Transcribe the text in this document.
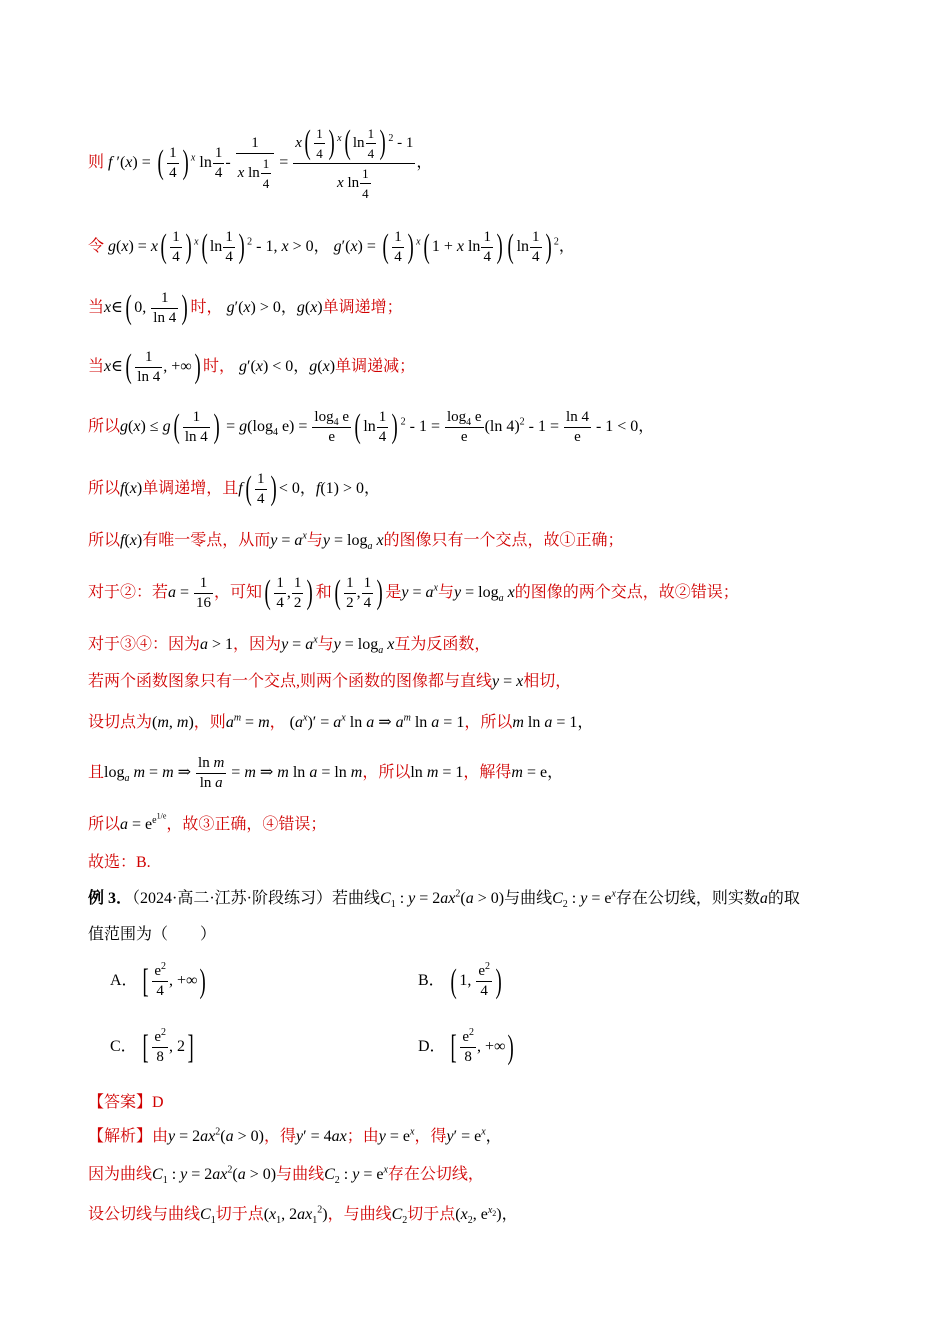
则 f ′(x) = ( $\frac{1}{4}$ ) $^x$ $\ln \frac{1}{4} - \frac{1}{x \ln \frac{1}{4}} = \frac{x( \frac{1}{4} ) ^x( \ln \frac{1}{4} ) ^2 - 1}{x \ln \frac{1}{4}}$ ，
令 $g(x) = x( \frac{1}{4}$ ) $^x$( $\ln \frac{1}{4}$ ) $^2$ - 1, x > 0， g′(x) = ( $\frac{1}{4}$ ) $^x$( 1 + x $\ln \frac{1}{4}$ ) ( $\ln \frac{1}{4}$ ) $^2$，
当x∈( 0, $\frac{1}{\ln 4}$ ) 时， g′(x) > 0，g(x)单调递增；
当x∈( $\frac{1}{\ln 4}$ , +∞) 时， g′(x) < 0，g(x)单调递减；
所以$g(x) \le g( \frac{1}{\ln 4}$ ) = $g(\log_4$ $e) = \frac{\log_4 e}{e}$ ( $\ln \frac{1}{4}$ ) $^2 - 1 = \frac{\log_4 e}{e} (\ln$ $4)^2 - 1 = \frac{\ln 4}{e} - 1 < 0$，
所以f(x)单调递增，且$f( \frac{1}{4}$ ) < 0，f(1) > 0，
所以f(x)有唯一零点，从而$y = a^x$与$y = \log_a x$的图像只有一个交点，故①正确；
对于②：若$a = \frac{1}{16}$ ，可知( $\frac{1}{4}$ , $\frac{1}{2}$ ) 和( $\frac{1}{2}$ , $\frac{1}{4}$ ) 是$y = a^x$与$y = \log_a x$的图像的两个交点，故②错误；
对于③④：因为a > 1，因为$y = a^x$与$y = \log_a x$互为反函数，
若两个函数图象只有一个交点,则两个函数的图像都与直线y = x相切，
设切点为(m, m)，则$a^m = m$， $(a^x)' = a^x$ ln a ⇒ $a^m$ ln a = 1，所以m ln a = 1，
且$\log_a m = m$ ⇒ $\frac{\text{ln m}}{\text{ln a}} = m$ ⇒ m ln a = ln m，所以ln m = 1，解得m = e，
所以$a = e^{e^{1/e}}$，故③正确，④错误；
故选：B.
例 3．（2024·高二·江苏·阶段练习）若曲线$C_1$ : $y = 2ax^2(a > 0)$与曲线$C_2$ : $y = e^x$存在公切线，则实数a的取
值范围为（　　）
A． [ $\frac{e^2}{4}$ , +∞)	B． ( 1, $\frac{e^2}{4}$ )
C． [ $\frac{e^2}{8}$ , 2]	D． [ $\frac{e^2}{8}$ , +∞)
【答案】D
【解析】由$y = 2ax^2(a > 0)$，得y′ = 4ax；由$y = e^x$，得$y' = e^x$，
因为曲线$C_1$ : $y = 2ax^2(a > 0)$与曲线$C_2$ : $y = e^x$存在公切线，
设公切线与曲线$C_1$切于点($x_1$, $2ax_1^2$)，与曲线$C_2$切于点($x_2$, $e^{x_2}$)，
